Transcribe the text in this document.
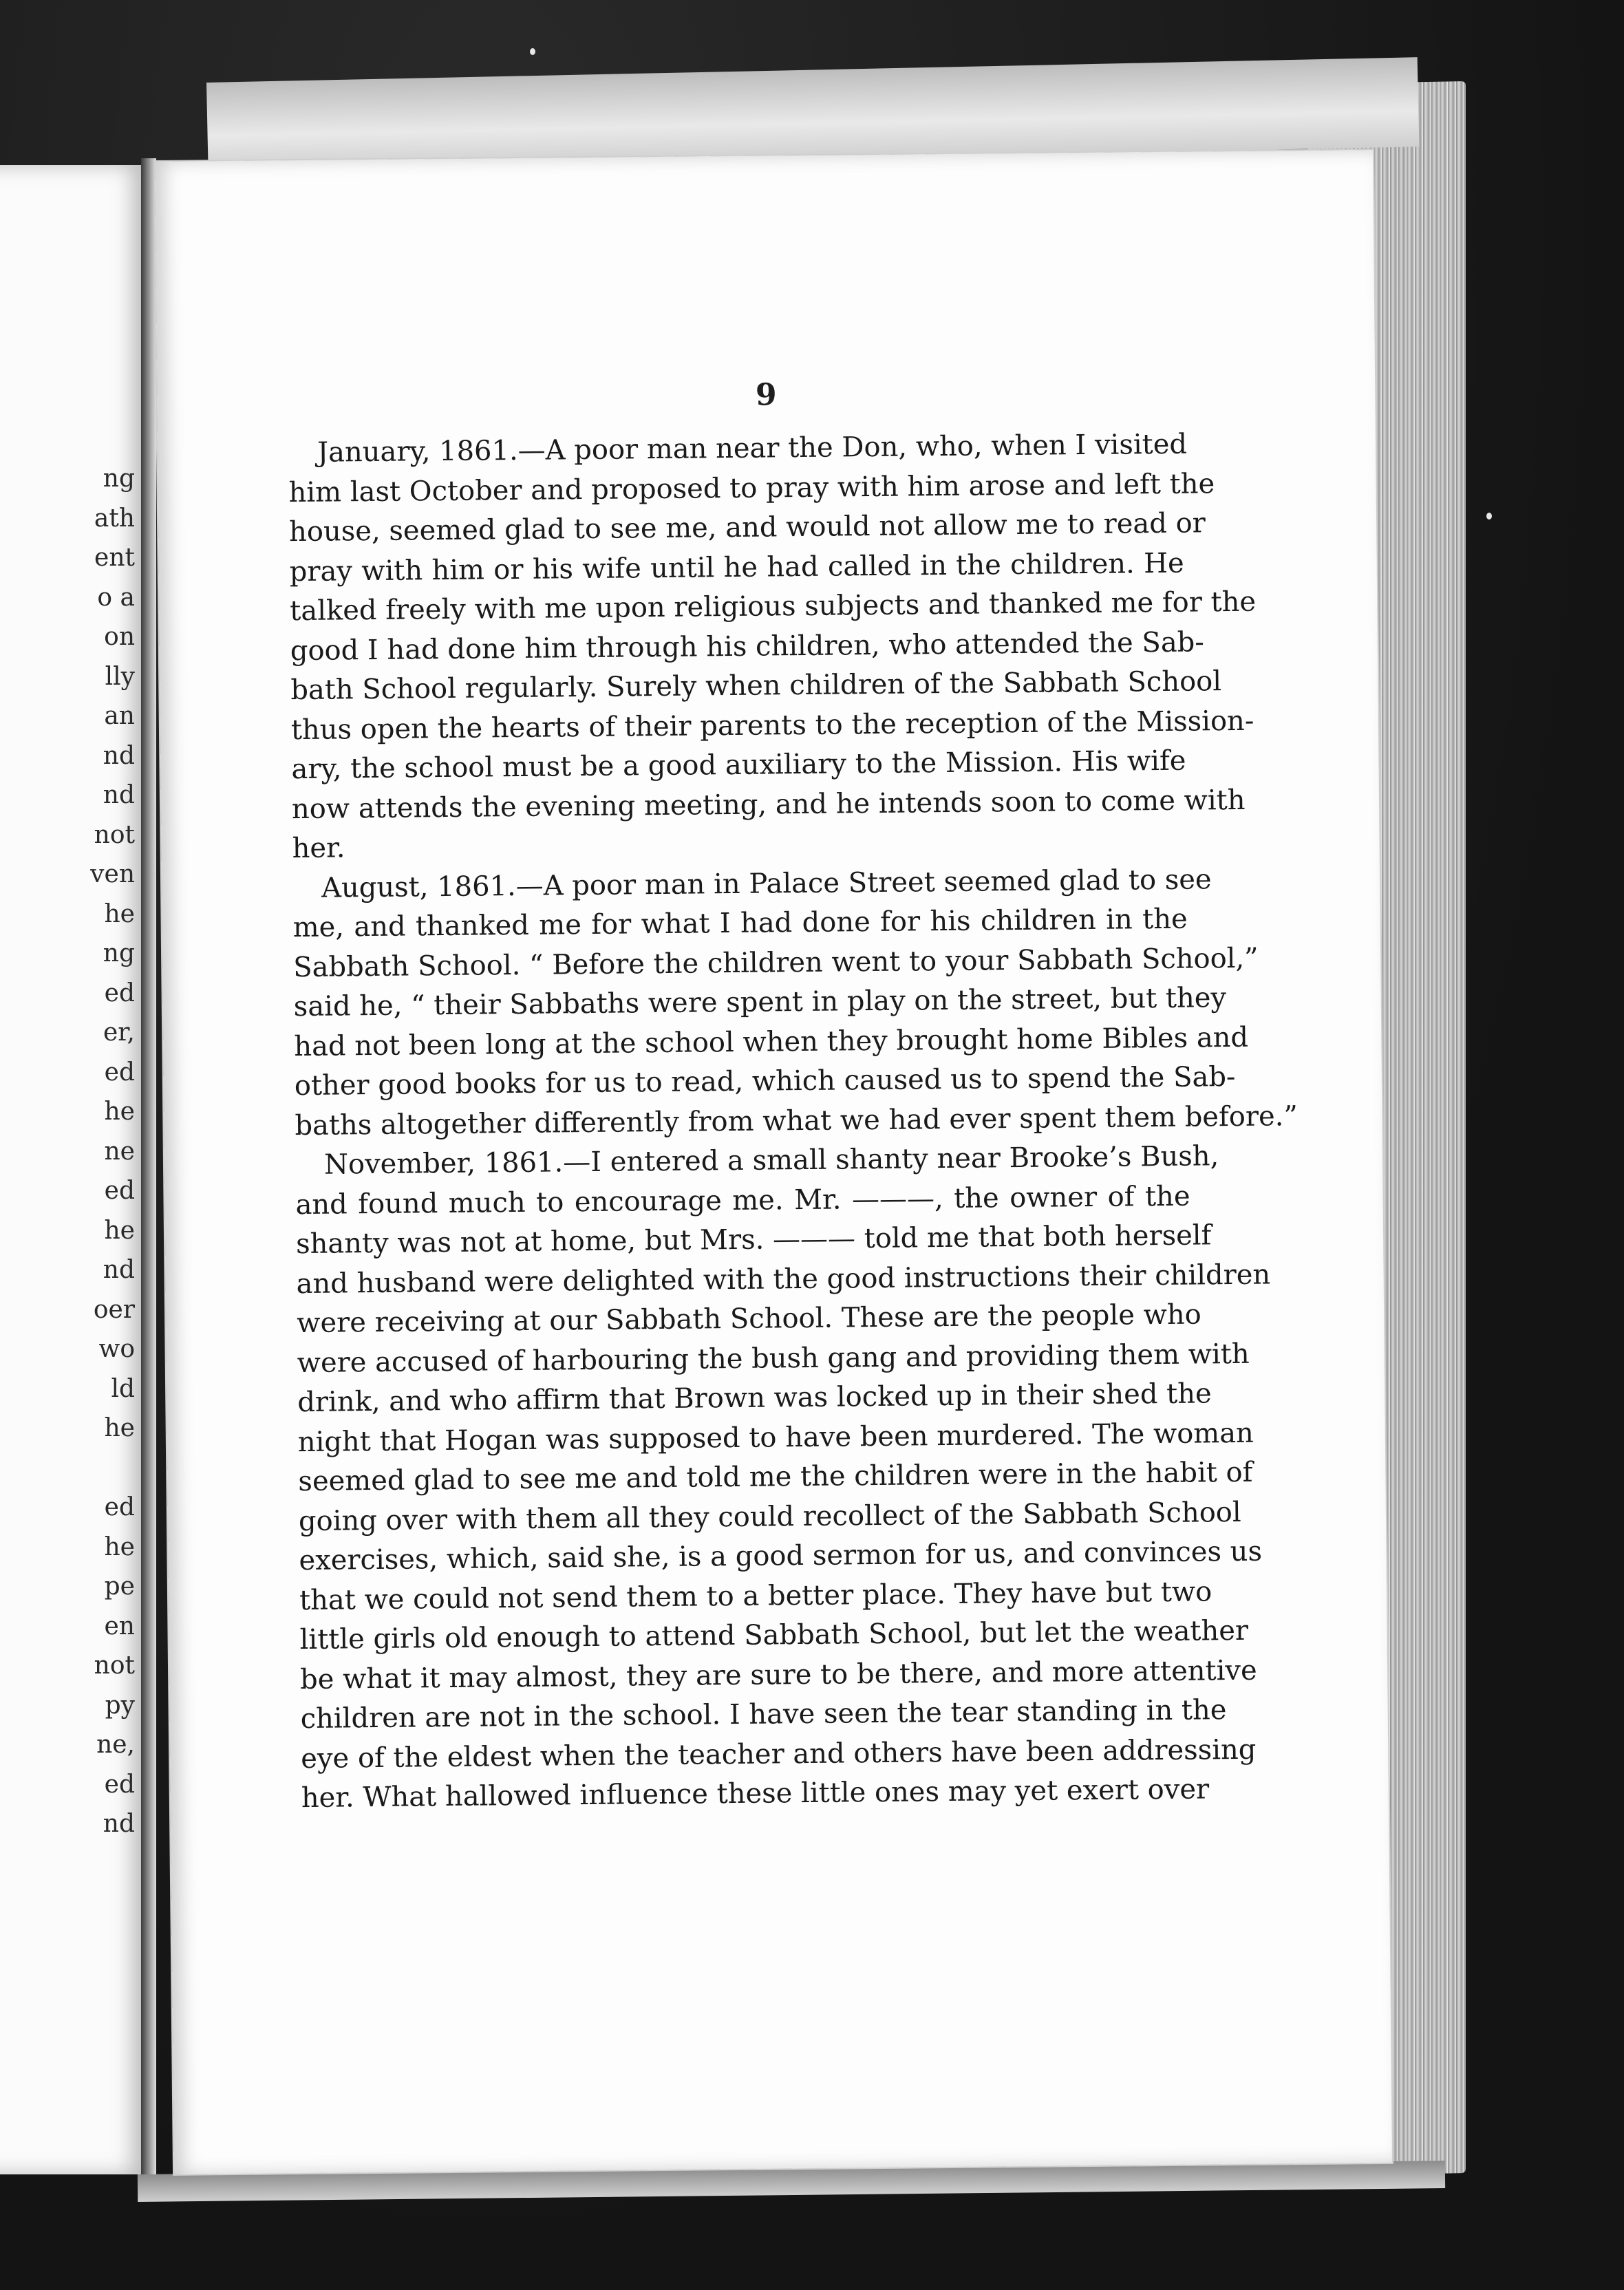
ng
ath
ent
o a
on
lly
an
nd
nd
not
ven
he
ng
ed
er,
ed
he
ne
ed
he
nd
oer
wo
ld
he
ed
he
pe
en
not
py
ne,
ed
nd
9
January, 1861.—A poor man near the Don, who, when I visited
him last October and proposed to pray with him arose and left the
house, seemed glad to see me, and would not allow me to read or
pray with him or his wife until he had called in the children. He
talked freely with me upon religious subjects and thanked me for the
good I had done him through his children, who attended the Sab-
bath School regularly. Surely when children of the Sabbath School
thus open the hearts of their parents to the reception of the Mission-
ary, the school must be a good auxiliary to the Mission. His wife
now attends the evening meeting, and he intends soon to come with
her.
August, 1861.—A poor man in Palace Street seemed glad to see
me, and thanked me for what I had done for his children in the
Sabbath School. “ Before the children went to your Sabbath School,”
said he, “ their Sabbaths were spent in play on the street, but they
had not been long at the school when they brought home Bibles and
other good books for us to read, which caused us to spend the Sab-
baths altogether differently from what we had ever spent them before.”
November, 1861.—I entered a small shanty near Brooke’s Bush,
and found much to encourage me. Mr. ———, the owner of the
shanty was not at home, but Mrs. ——— told me that both herself
and husband were delighted with the good instructions their children
were receiving at our Sabbath School. These are the people who
were accused of harbouring the bush gang and providing them with
drink, and who affirm that Brown was locked up in their shed the
night that Hogan was supposed to have been murdered. The woman
seemed glad to see me and told me the children were in the habit of
going over with them all they could recollect of the Sabbath School
exercises, which, said she, is a good sermon for us, and convinces us
that we could not send them to a better place. They have but two
little girls old enough to attend Sabbath School, but let the weather
be what it may almost, they are sure to be there, and more attentive
children are not in the school. I have seen the tear standing in the
eye of the eldest when the teacher and others have been addressing
her. What hallowed influence these little ones may yet exert over
